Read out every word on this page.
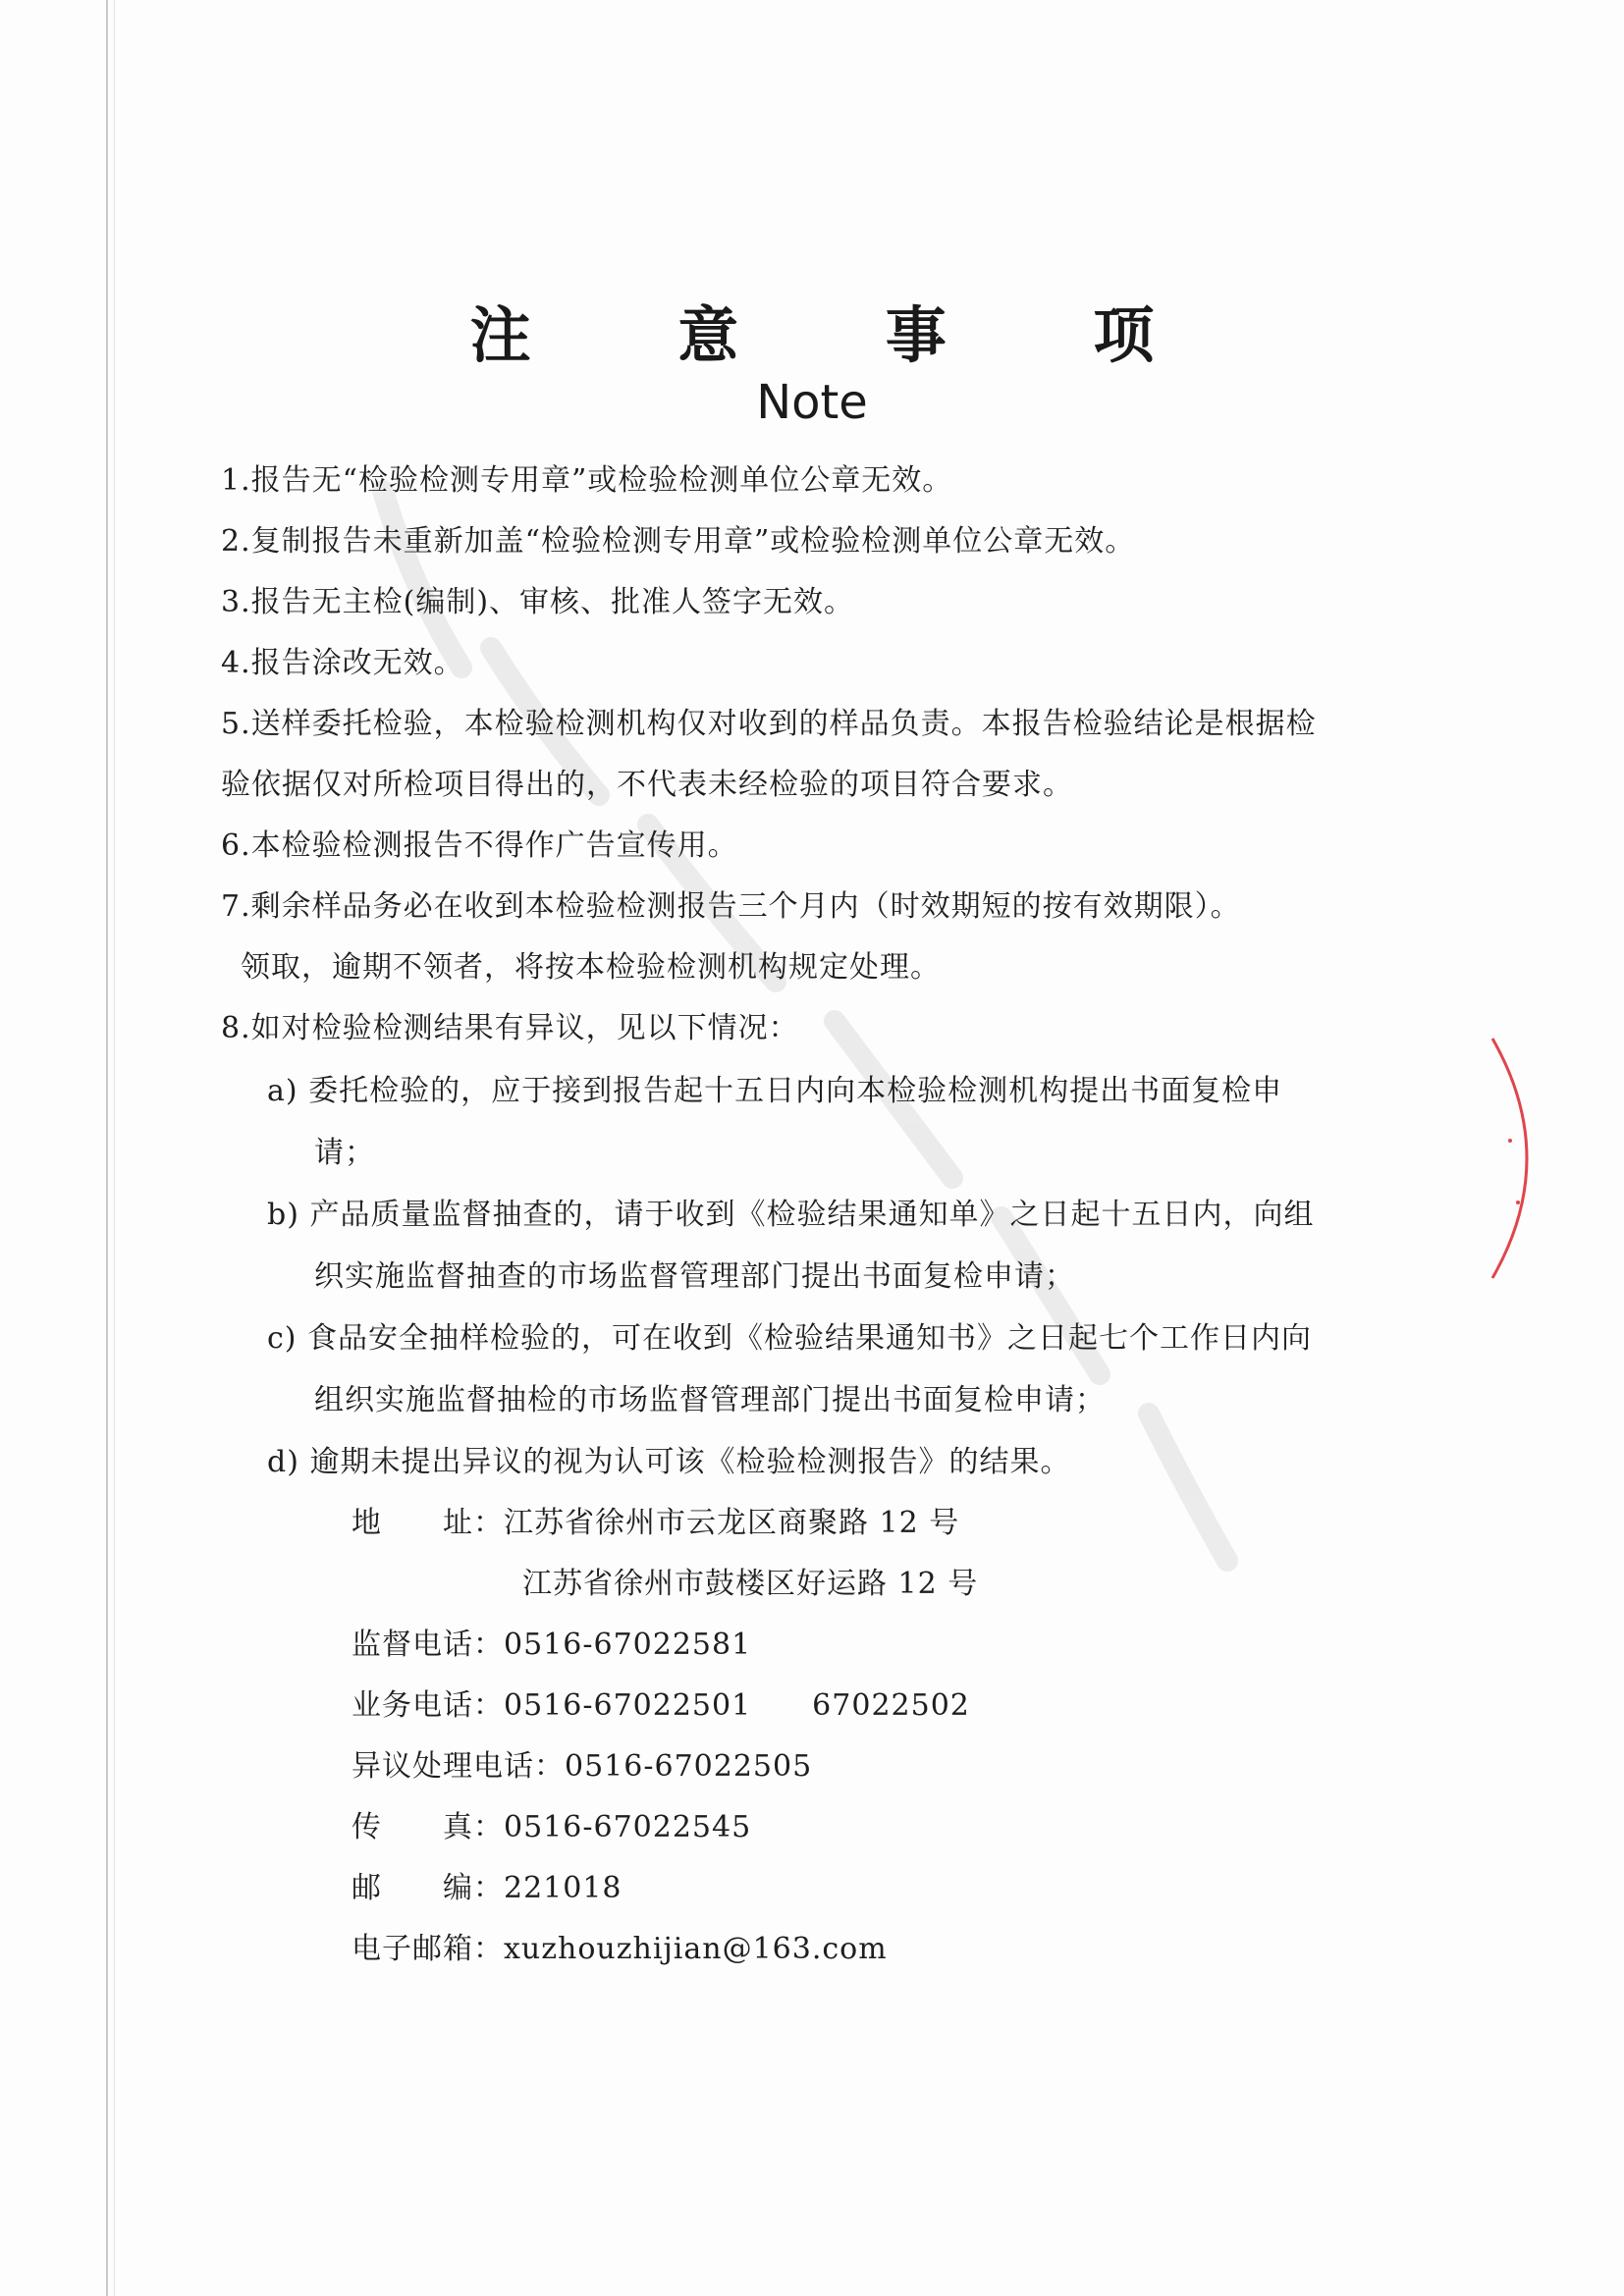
注 意 事 项
Note
1.报告无“检验检测专用章”或检验检测单位公章无效。
2.复制报告未重新加盖“检验检测专用章”或检验检测单位公章无效。
3.报告无主检(编制)、审核、批准人签字无效。
4.报告涂改无效。
5.送样委托检验，本检验检测机构仅对收到的样品负责。本报告检验结论是根据检
验依据仅对所检项目得出的，不代表未经检验的项目符合要求。
6.本检验检测报告不得作广告宣传用。
7.剩余样品务必在收到本检验检测报告三个月内（时效期短的按有效期限）。
领取，逾期不领者，将按本检验检测机构规定处理。
8.如对检验检测结果有异议，见以下情况：
a) 委托检验的，应于接到报告起十五日内向本检验检测机构提出书面复检申
请；
b) 产品质量监督抽查的，请于收到《检验结果通知单》之日起十五日内，向组
织实施监督抽查的市场监督管理部门提出书面复检申请；
c) 食品安全抽样检验的，可在收到《检验结果通知书》之日起七个工作日内向
组织实施监督抽检的市场监督管理部门提出书面复检申请；
d) 逾期未提出异议的视为认可该《检验检测报告》的结果。
地　　址：江苏省徐州市云龙区商聚路 12 号
江苏省徐州市鼓楼区好运路 12 号
监督电话：0516-67022581
业务电话：0516-67022501　　67022502
异议处理电话：0516-67022505
传　　真：0516-67022545
邮　　编：221018
电子邮箱：xuzhouzhijian@163.com
